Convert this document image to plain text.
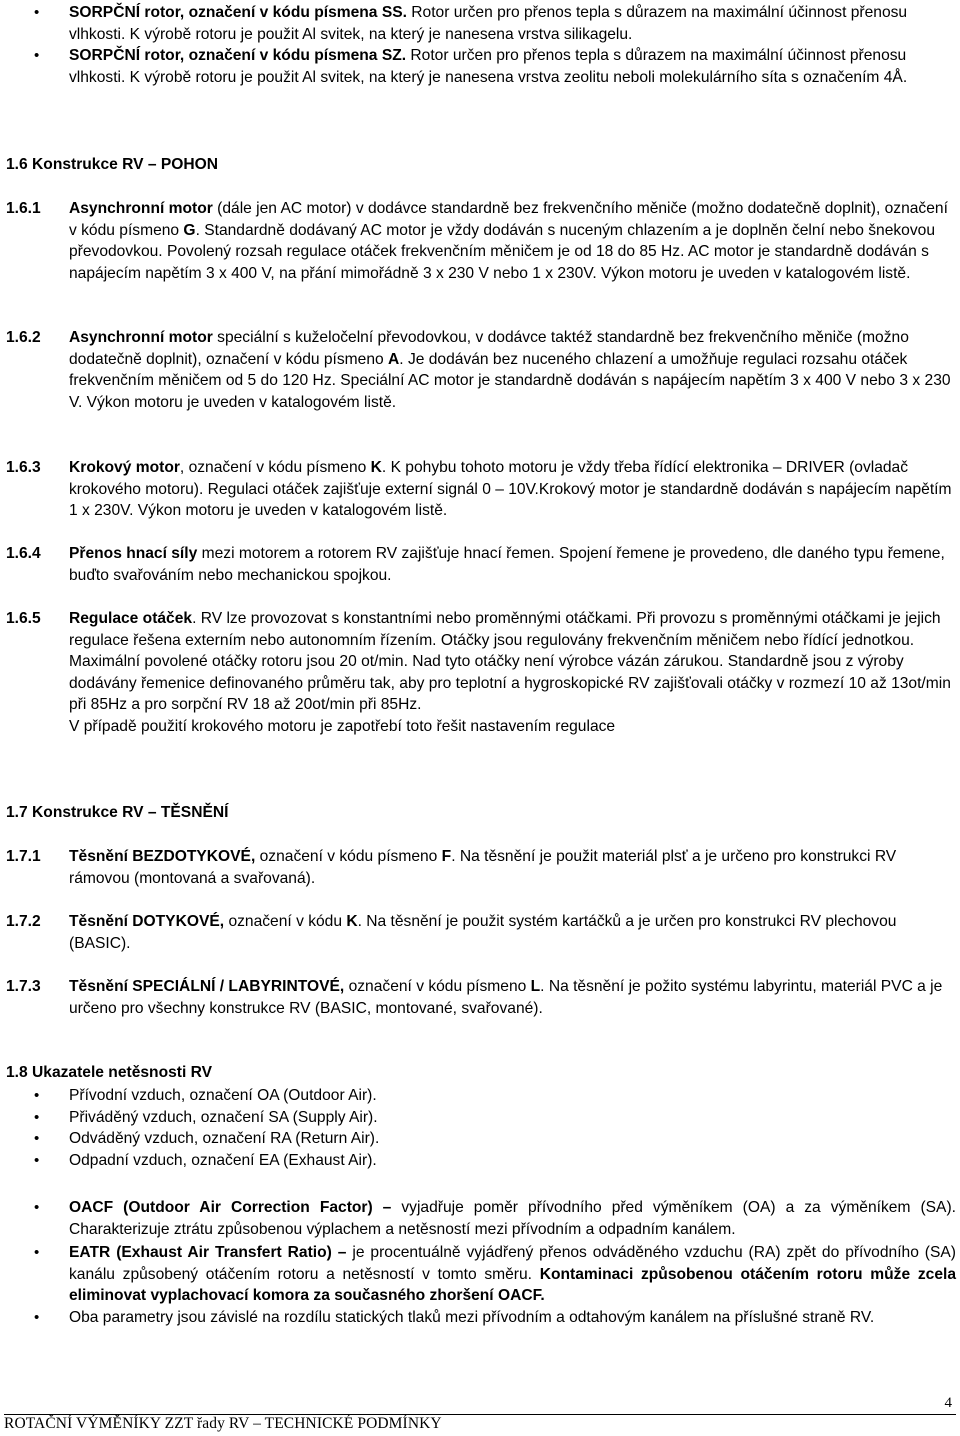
• SORPČNÍ rotor, označení v kódu písmena SS. Rotor určen pro přenos tepla s důrazem na maximální účinnost přenosu vlhkosti. K výrobě rotoru je použit Al svitek, na který je nanesena vrstva silikagelu.
• SORPČNÍ rotor, označení v kódu písmena SZ. Rotor určen pro přenos tepla s důrazem na maximální účinnost přenosu vlhkosti. K výrobě rotoru je použit Al svitek, na který je nanesena vrstva zeolitu neboli molekulárního síta s označením 4Å.
1.6 Konstrukce RV – POHON
1.6.1 Asynchronní motor (dále jen AC motor) v dodávce standardně bez frekvenčního měniče (možno dodatečně doplnit), označení v kódu písmeno G. Standardně dodávaný AC motor je vždy dodáván s nuceným chlazením a je doplněn čelní nebo šnekovou převodovkou. Povolený rozsah regulace otáček frekvenčním měničem je od 18 do 85 Hz. AC motor je standardně dodáván s napájecím napětím 3 x 400 V, na přání mimořádně 3 x 230 V nebo 1 x 230V. Výkon motoru je uveden v katalogovém listě.
1.6.2 Asynchronní motor speciální s kuželočelní převodovkou, v dodávce taktéž standardně bez frekvenčního měniče (možno dodatečně doplnit), označení v kódu písmeno A. Je dodáván bez nuceného chlazení a umožňuje regulaci rozsahu otáček frekvenčním měničem od 5 do 120 Hz. Speciální AC motor je standardně dodáván s napájecím napětím 3 x 400 V nebo 3 x 230 V. Výkon motoru je uveden v katalogovém listě.
1.6.3 Krokový motor, označení v kódu písmeno K. K pohybu tohoto motoru je vždy třeba řídící elektronika – DRIVER (ovladač krokového motoru). Regulaci otáček zajišťuje externí signál 0 – 10V.Krokový motor je standardně dodáván s napájecím napětím 1 x 230V. Výkon motoru je uveden v katalogovém listě.
1.6.4 Přenos hnací síly mezi motorem a rotorem RV zajišťuje hnací řemen. Spojení řemene je provedeno, dle daného typu řemene, buďto svařováním nebo mechanickou spojkou.
1.6.5 Regulace otáček. RV lze provozovat s konstantními nebo proměnnými otáčkami. Při provozu s proměnnými otáčkami je jejich regulace řešena externím nebo autonomním řízením. Otáčky jsou regulovány frekvenčním měničem nebo řídící jednotkou. Maximální povolené otáčky rotoru jsou 20 ot/min. Nad tyto otáčky není výrobce vázán zárukou. Standardně jsou z výroby dodávány řemenice definovaného průměru tak, aby pro teplotní a hygroskopické RV zajišťovali otáčky v rozmezí 10 až 13ot/min při 85Hz a pro sorpční RV 18 až 20ot/min při 85Hz.
V případě použití krokového motoru je zapotřebí toto řešit nastavením regulace
1.7 Konstrukce RV – TĚSNĚNÍ
1.7.1 Těsnění BEZDOTYKOVÉ, označení v kódu písmeno F. Na těsnění je použit materiál plsť a je určeno pro konstrukci RV rámovou (montovaná a svařovaná).
1.7.2 Těsnění DOTYKOVÉ, označení v kódu K. Na těsnění je použit systém kartáčků a je určen pro konstrukci RV plechovou (BASIC).
1.7.3 Těsnění SPECIÁLNÍ / LABYRINTOVÉ, označení v kódu písmeno L. Na těsnění je požito systému labyrintu, materiál PVC a je určeno pro všechny konstrukce RV (BASIC, montované, svařované).
1.8 Ukazatele netěsnosti RV
• Přívodní vzduch, označení OA (Outdoor Air).
• Přiváděný vzduch, označení SA (Supply Air).
• Odváděný vzduch, označení RA (Return Air).
• Odpadní vzduch, označení EA (Exhaust Air).
• OACF (Outdoor Air Correction Factor) – vyjadřuje poměr přívodního před výměníkem (OA) a za výměníkem (SA). Charakterizuje ztrátu způsobenou výplachem a netěsností mezi přívodním a odpadním kanálem.
• EATR (Exhaust Air Transfert Ratio) – je procentuálně vyjádřený přenos odváděného vzduchu (RA) zpět do přívodního (SA) kanálu způsobený otáčením rotoru a netěsností v tomto směru. Kontaminaci způsobenou otáčením rotoru může zcela eliminovat vyplachovací komora za současného zhoršení OACF.
• Oba parametry jsou závislé na rozdílu statických tlaků mezi přívodním a odtahovým kanálem na příslušné straně RV.
ROTAČNÍ VÝMĚNÍKY ZZT řady RV – TECHNICKÉ PODMÍNKY
4
